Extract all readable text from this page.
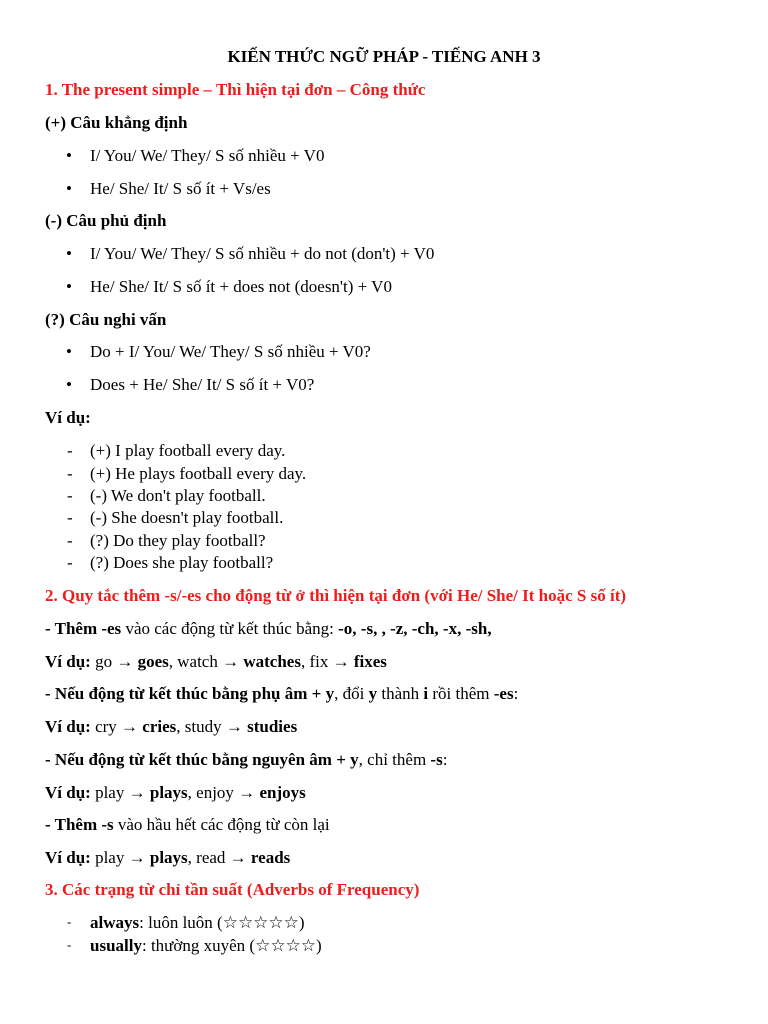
KIẾN THỨC NGỮ PHÁP - TIẾNG ANH 3
1. The present simple – Thì hiện tại đơn – Công thức
(+) Câu khẳng định
• I/ You/ We/ They/ S số nhiều + V0
• He/ She/ It/ S số ít + Vs/es
(-) Câu phủ định
• I/ You/ We/ They/ S số nhiều + do not (don't) + V0
• He/ She/ It/ S số ít + does not (doesn't) + V0
(?) Câu nghi vấn
• Do + I/ You/ We/ They/ S số nhiều + V0?
• Does + He/ She/ It/ S số ít + V0?
Ví dụ:
- (+) I play football every day.
- (+) He plays football every day.
- (-) We don't play football.
- (-) She doesn't play football.
- (?) Do they play football?
- (?) Does she play football?
2. Quy tắc thêm -s/-es cho động từ ở thì hiện tại đơn (với He/ She/ It hoặc S số ít)
- Thêm -es vào các động từ kết thúc bằng: -o, -s, , -z, -ch, -x, -sh,
Ví dụ: go → goes, watch → watches, fix → fixes
- Nếu động từ kết thúc bằng phụ âm + y, đổi y thành i rồi thêm -es:
Ví dụ: cry → cries, study → studies
- Nếu động từ kết thúc bằng nguyên âm + y, chỉ thêm -s:
Ví dụ: play → plays, enjoy → enjoys
- Thêm -s vào hầu hết các động từ còn lại
Ví dụ: play → plays, read → reads
3. Các trạng từ chỉ tần suất (Adverbs of Frequency)
- always: luôn luôn (☆☆☆☆☆)
- usually: thường xuyên (☆☆☆☆)
